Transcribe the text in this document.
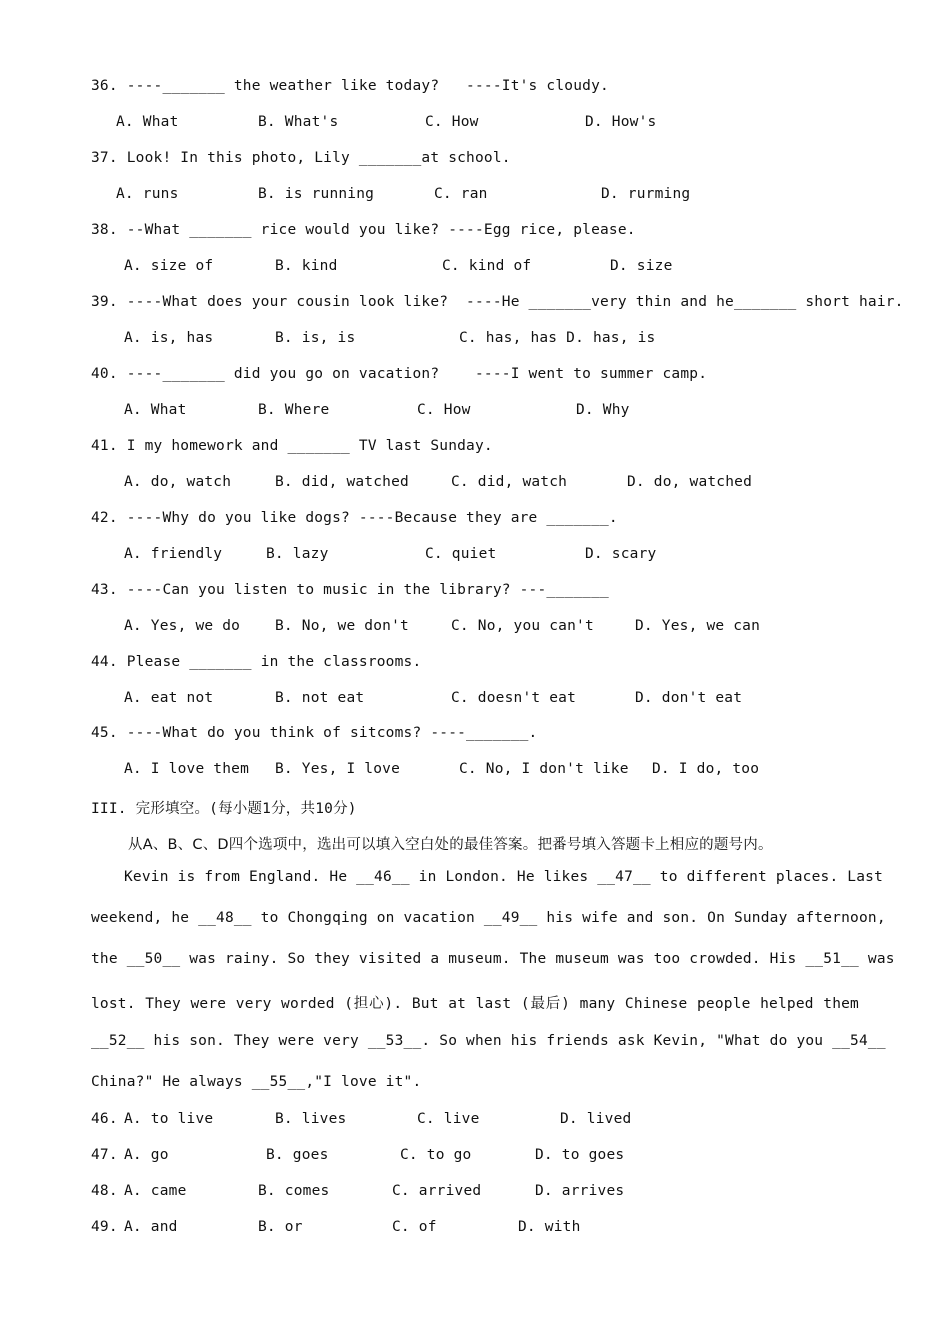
36. ----_______ the weather like today?   ----It's cloudy.
A. What	B. What's	C. How	D. How's
37. Look! In this photo, Lily _______at school.
A. runs	B. is running	C. ran	D. rurming
38. --What _______ rice would you like? ----Egg rice, please.
A. size of	B. kind	C. kind of	D. size
39. ----What does your cousin look like?  ----He _______very thin and he_______ short hair.
A. is, has	B. is, is	C. has, has D. has, is
40. ----_______ did you go on vacation?    ----I went to summer camp.
A. What	B. Where	C. How	D. Why
41. I my homework and _______ TV last Sunday.
A. do, watch	B. did, watched	C. did, watch	D. do, watched
42. ----Why do you like dogs? ----Because they are _______.
A. friendly	B. lazy	C. quiet	D. scary
43. ----Can you listen to music in the library? ---_______
A. Yes, we do B. No, we don't	C. No, you can't	D. Yes, we can
44. Please _______ in the classrooms.
A. eat not	B. not eat	C. doesn't eat	D. don't eat
45. ----What do you think of sitcoms? ----_______.
A. I love them B. Yes, I love	C. No, I don't like D. I do, too
III. 完形填空。(每小题1分，共10分)
从A、B、C、D四个选项中，选出可以填入空白处的最佳答案。把番号填入答题卡上相应的题号内。
Kevin is from England. He __46__ in London. He likes __47__ to different places. Last
weekend, he __48__ to Chongqing on vacation __49__ his wife and son. On Sunday afternoon,
the __50__ was rainy. So they visited a museum. The museum was too crowded. His __51__ was
lost. They were very worded (担心). But at last (最后) many Chinese people helped them
__52__ his son. They were very __53__. So when his friends ask Kevin, "What do you __54__
China?" He always __55__,"I love it".
46. A. to live	B. lives	C. live	D. lived
47. A. go	B. goes	C. to go	D. to goes
48. A. came	B. comes	C. arrived	D. arrives
49. A. and	B. or	C. of	D. with
